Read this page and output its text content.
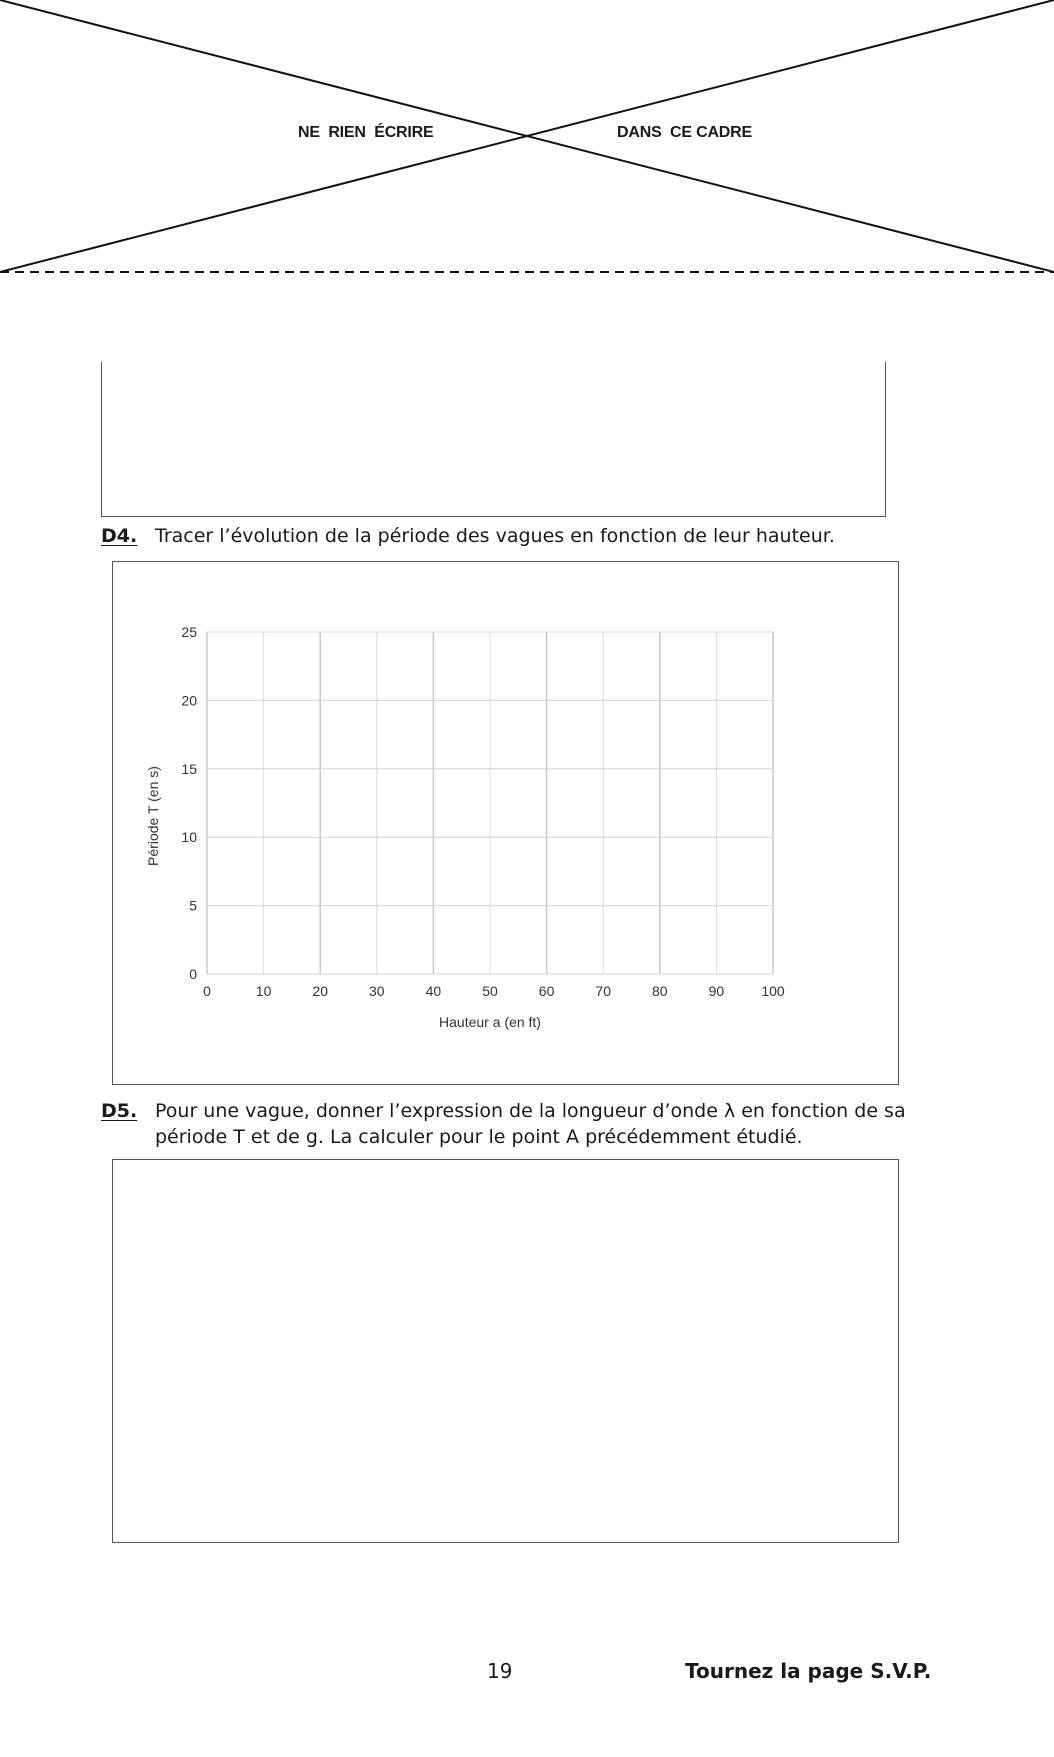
NE  RIEN  ÉCRIRE	DANS  CE CADRE
D4. Tracer l’évolution de la période des vagues en fonction de leur hauteur.
0	10	20	30	40	50	60	70	80	90	100
0
5
10
15
20
25
Hauteur a (en ft)
Période T (en s)
D5. Pour une vague, donner l’expression de la longueur d’onde λ en fonction de sa
période T et de g. La calculer pour le point A précédemment étudié.
19	Tournez la page S.V.P.
